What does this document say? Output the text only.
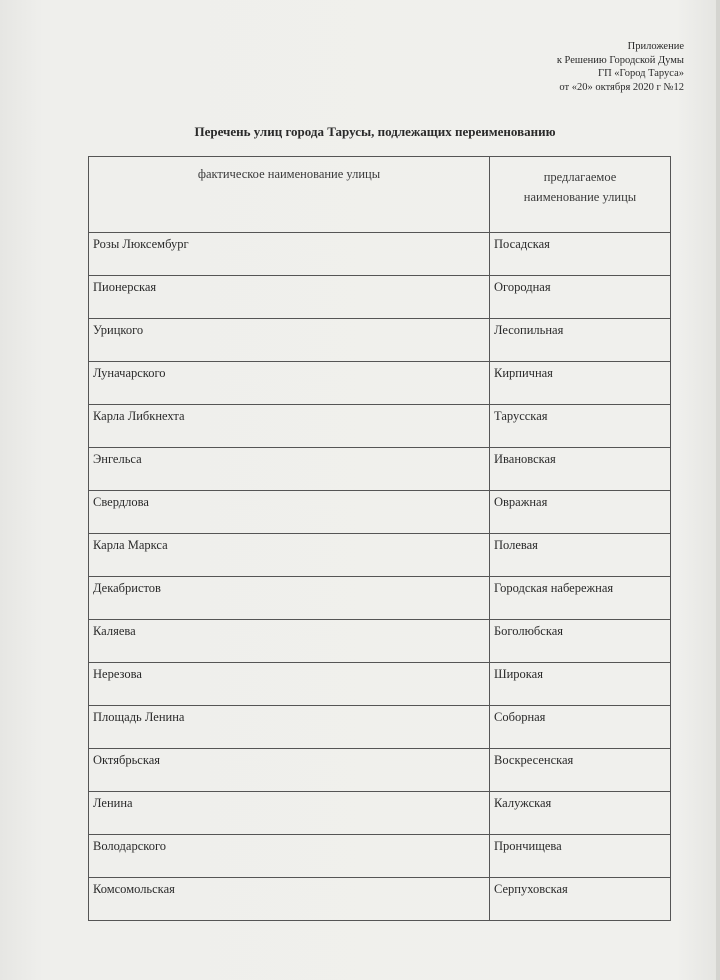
Приложение
к Решению Городской Думы
ГП «Город Таруса»
от «20» октября 2020 г №12
Перечень улиц города Тарусы, подлежащих переименованию
фактическое наименование улицы	предлагаемое
наименование улицы

Розы Люксембург	Посадская
Пионерская	Огородная
Урицкого	Лесопильная
Луначарского	Кирпичная
Карла Либкнехта	Тарусская
Энгельса	Ивановская
Свердлова	Овражная
Карла Маркса	Полевая
Декабристов	Городская набережная
Каляева	Боголюбская
Нерезова	Широкая
Площадь Ленина	Соборная
Октябрьская	Воскресенская
Ленина	Калужская
Володарского	Прончищева
Комсомольская	Серпуховская
